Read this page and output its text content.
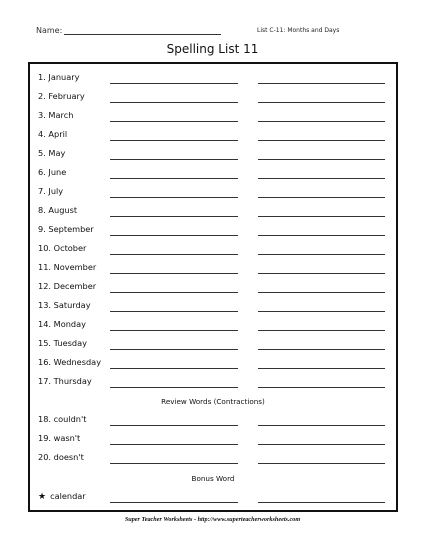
Name:	List C-11: Months and Days
Spelling List 11
1. January
2. February
3. March
4. April
5. May
6. June
7. July
8. August
9. September
10. October
11. November
12. December
13. Saturday
14. Monday
15. Tuesday
16. Wednesday
17. Thursday
Review Words (Contractions)
18. couldn't
19. wasn't
20. doesn't
Bonus Word
★ calendar
Super Teacher Worksheets - http://www.superteacherworksheets.com
